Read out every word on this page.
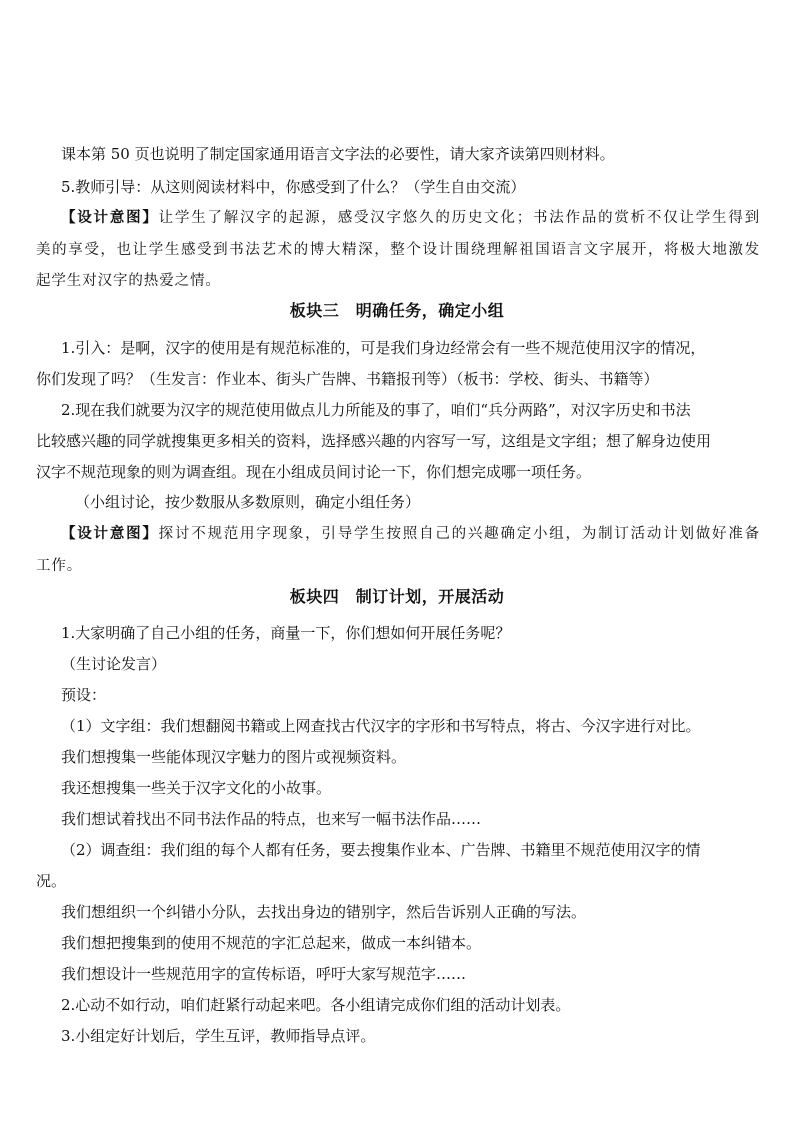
课本第 50 页也说明了制定国家通用语言文字法的必要性，请大家齐读第四则材料。
5.教师引导：从这则阅读材料中，你感受到了什么？（学生自由交流）
【设计意图】让学生了解汉字的起源，感受汉字悠久的历史文化；书法作品的赏析不仅让学生得到
美的享受，也让学生感受到书法艺术的博大精深，整个设计围绕理解祖国语言文字展开，将极大地激发
起学生对汉字的热爱之情。
板块三　明确任务，确定小组
1.引入：是啊，汉字的使用是有规范标准的，可是我们身边经常会有一些不规范使用汉字的情况，
你们发现了吗？（生发言：作业本、街头广告牌、书籍报刊等）（板书：学校、街头、书籍等）
2.现在我们就要为汉字的规范使用做点儿力所能及的事了，咱们“兵分两路”，对汉字历史和书法
比较感兴趣的同学就搜集更多相关的资料，选择感兴趣的内容写一写，这组是文字组；想了解身边使用
汉字不规范现象的则为调查组。现在小组成员间讨论一下，你们想完成哪一项任务。
（小组讨论，按少数服从多数原则，确定小组任务）
【设计意图】探讨不规范用字现象，引导学生按照自己的兴趣确定小组，为制订活动计划做好准备
工作。
板块四　制订计划，开展活动
1.大家明确了自己小组的任务，商量一下，你们想如何开展任务呢？
（生讨论发言）
预设：
（1）文字组：我们想翻阅书籍或上网查找古代汉字的字形和书写特点，将古、今汉字进行对比。
我们想搜集一些能体现汉字魅力的图片或视频资料。
我还想搜集一些关于汉字文化的小故事。
我们想试着找出不同书法作品的特点，也来写一幅书法作品……
（2）调查组：我们组的每个人都有任务，要去搜集作业本、广告牌、书籍里不规范使用汉字的情
况。
我们想组织一个纠错小分队，去找出身边的错别字，然后告诉别人正确的写法。
我们想把搜集到的使用不规范的字汇总起来，做成一本纠错本。
我们想设计一些规范用字的宣传标语，呼吁大家写规范字……
2.心动不如行动，咱们赶紧行动起来吧。各小组请完成你们组的活动计划表。
3.小组定好计划后，学生互评，教师指导点评。
